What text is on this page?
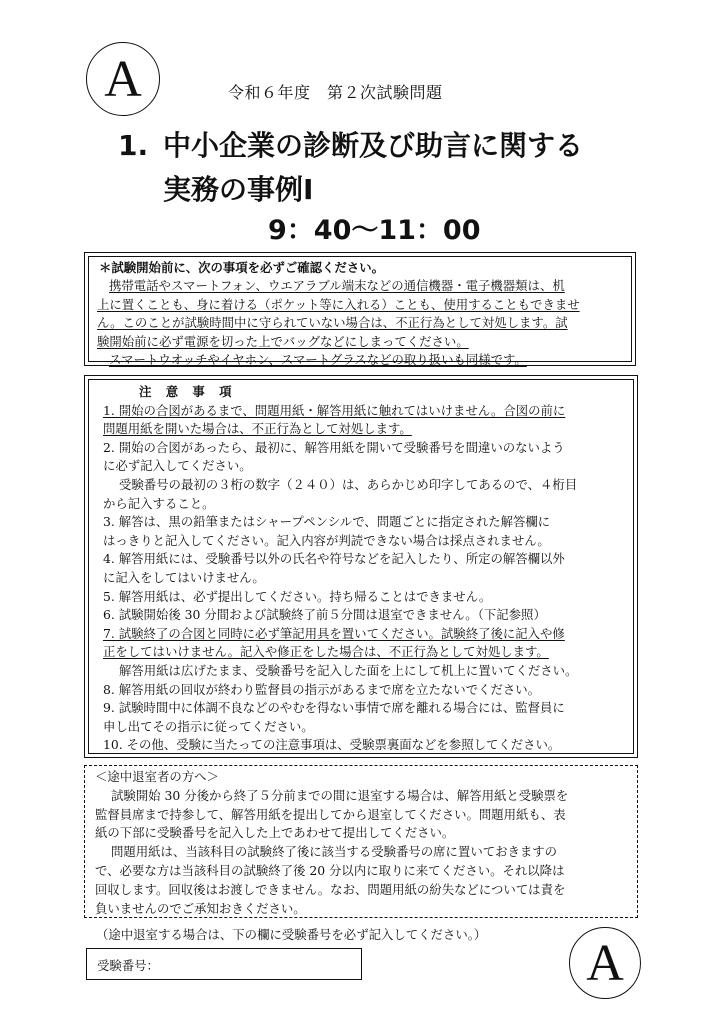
A	令和６年度　第２次試験問題
1. 中小企業の診断及び助言に関する
実務の事例Ⅰ
9：40〜11：00
＊試験開始前に、次の事項を必ずご確認ください。
携帯電話やスマートフォン、ウエアラブル端末などの通信機器・電子機器類は、机
上に置くことも、身に着ける（ポケット等に入れる）ことも、使用することもできませ
ん。このことが試験時間中に守られていない場合は、不正行為として対処します。試
験開始前に必ず電源を切った上でバッグなどにしまってください。
スマートウオッチやイヤホン、スマートグラスなどの取り扱いも同様です。
注 意 事 項
1. 開始の合図があるまで、問題用紙・解答用紙に触れてはいけません。合図の前に
問題用紙を開いた場合は、不正行為として対処します。
2. 開始の合図があったら、最初に、解答用紙を開いて受験番号を間違いのないよう
に必ず記入してください。
受験番号の最初の３桁の数字（２４０）は、あらかじめ印字してあるので、４桁目
から記入すること。
3. 解答は、黒の鉛筆またはシャープペンシルで、問題ごとに指定された解答欄に
はっきりと記入してください。記入内容が判読できない場合は採点されません。
4. 解答用紙には、受験番号以外の氏名や符号などを記入したり、所定の解答欄以外
に記入をしてはいけません。
5. 解答用紙は、必ず提出してください。持ち帰ることはできません。
6. 試験開始後 30 分間および試験終了前５分間は退室できません。（下記参照）
7. 試験終了の合図と同時に必ず筆記用具を置いてください。試験終了後に記入や修
正をしてはいけません。記入や修正をした場合は、不正行為として対処します。
解答用紙は広げたまま、受験番号を記入した面を上にして机上に置いてください。
8. 解答用紙の回収が終わり監督員の指示があるまで席を立たないでください。
9. 試験時間中に体調不良などのやむを得ない事情で席を離れる場合には、監督員に
申し出てその指示に従ってください。
10. その他、受験に当たっての注意事項は、受験票裏面などを参照してください。
＜途中退室者の方へ＞
試験開始 30 分後から終了５分前までの間に退室する場合は、解答用紙と受験票を
監督員席まで持参して、解答用紙を提出してから退室してください。問題用紙も、表
紙の下部に受験番号を記入した上であわせて提出してください。
問題用紙は、当該科目の試験終了後に該当する受験番号の席に置いておきますの
で、必要な方は当該科目の試験終了後 20 分以内に取りに来てください。それ以降は
回収します。回収後はお渡しできません。なお、問題用紙の紛失などについては責を
負いませんのでご承知おきください。
（途中退室する場合は、下の欄に受験番号を必ず記入してください。）
受験番号：	A
